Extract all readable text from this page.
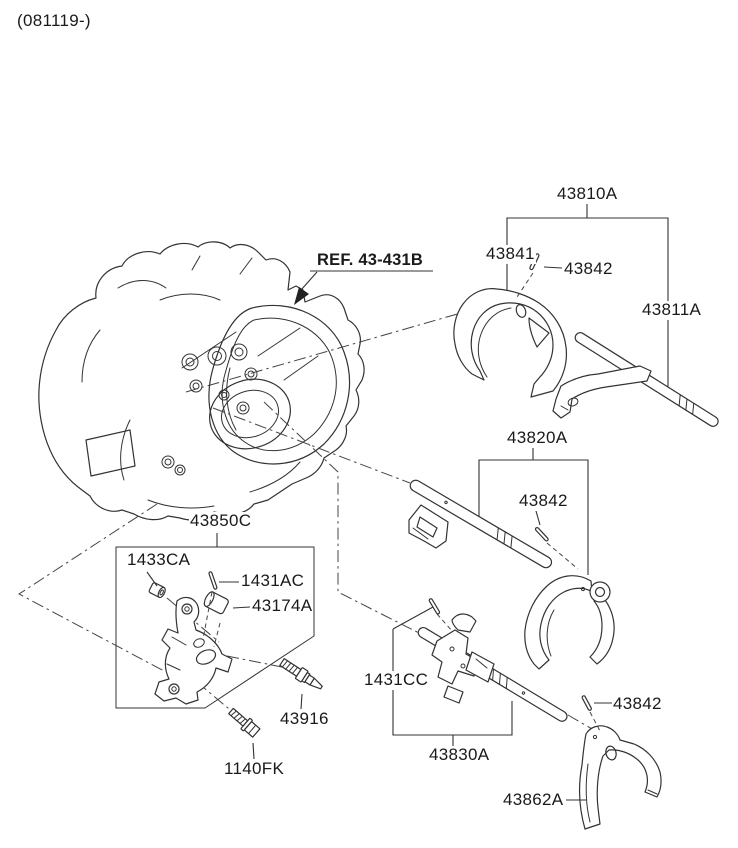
(081119-)
REF. 43-431B
43810A
43841
43842
43811A
43820A
43842
43850C
1433CA
1431AC
43174A
43916
1140FK
1431CC
43830A
43842
43862A
